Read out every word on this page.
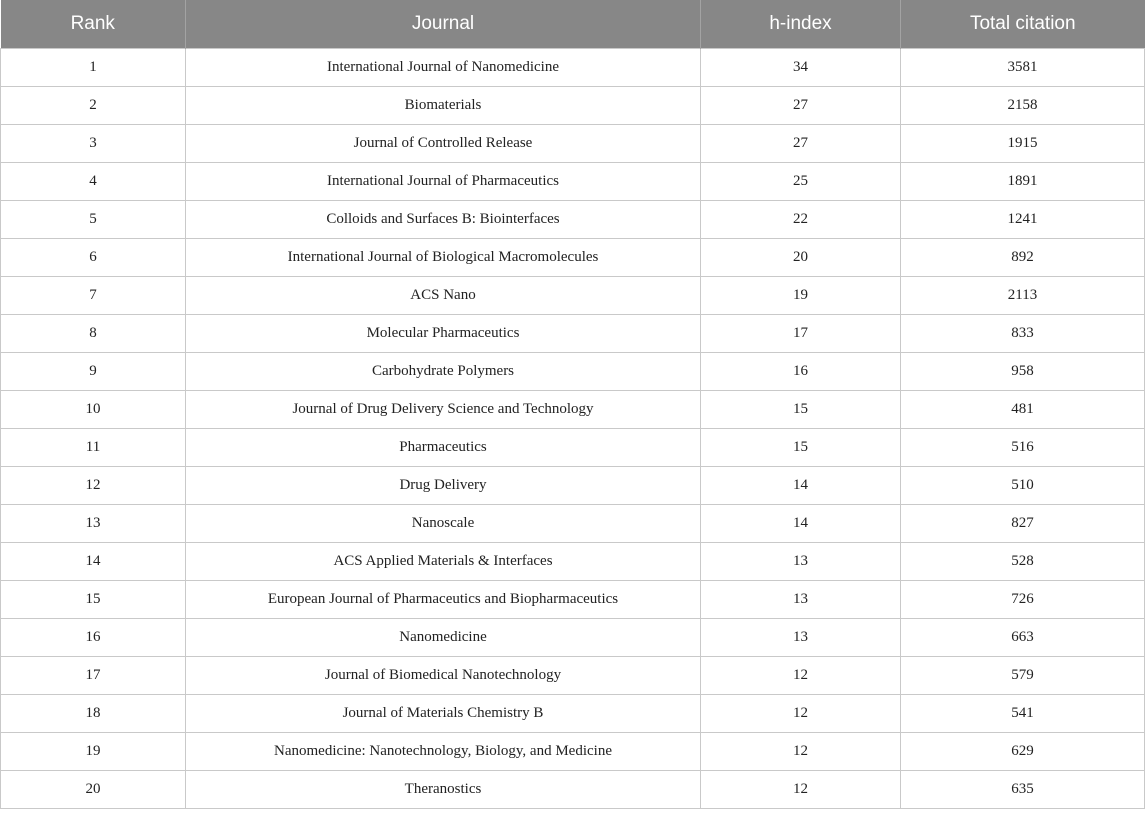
Rank	Journal	h-index	Total citation
1	International Journal of Nanomedicine	34	3581
2	Biomaterials	27	2158
3	Journal of Controlled Release	27	1915
4	International Journal of Pharmaceutics	25	1891
5	Colloids and Surfaces B: Biointerfaces	22	1241
6	International Journal of Biological Macromolecules	20	892
7	ACS Nano	19	2113
8	Molecular Pharmaceutics	17	833
9	Carbohydrate Polymers	16	958
10	Journal of Drug Delivery Science and Technology	15	481
11	Pharmaceutics	15	516
12	Drug Delivery	14	510
13	Nanoscale	14	827
14	ACS Applied Materials & Interfaces	13	528
15	European Journal of Pharmaceutics and Biopharmaceutics	13	726
16	Nanomedicine	13	663
17	Journal of Biomedical Nanotechnology	12	579
18	Journal of Materials Chemistry B	12	541
19	Nanomedicine: Nanotechnology, Biology, and Medicine	12	629
20	Theranostics	12	635
